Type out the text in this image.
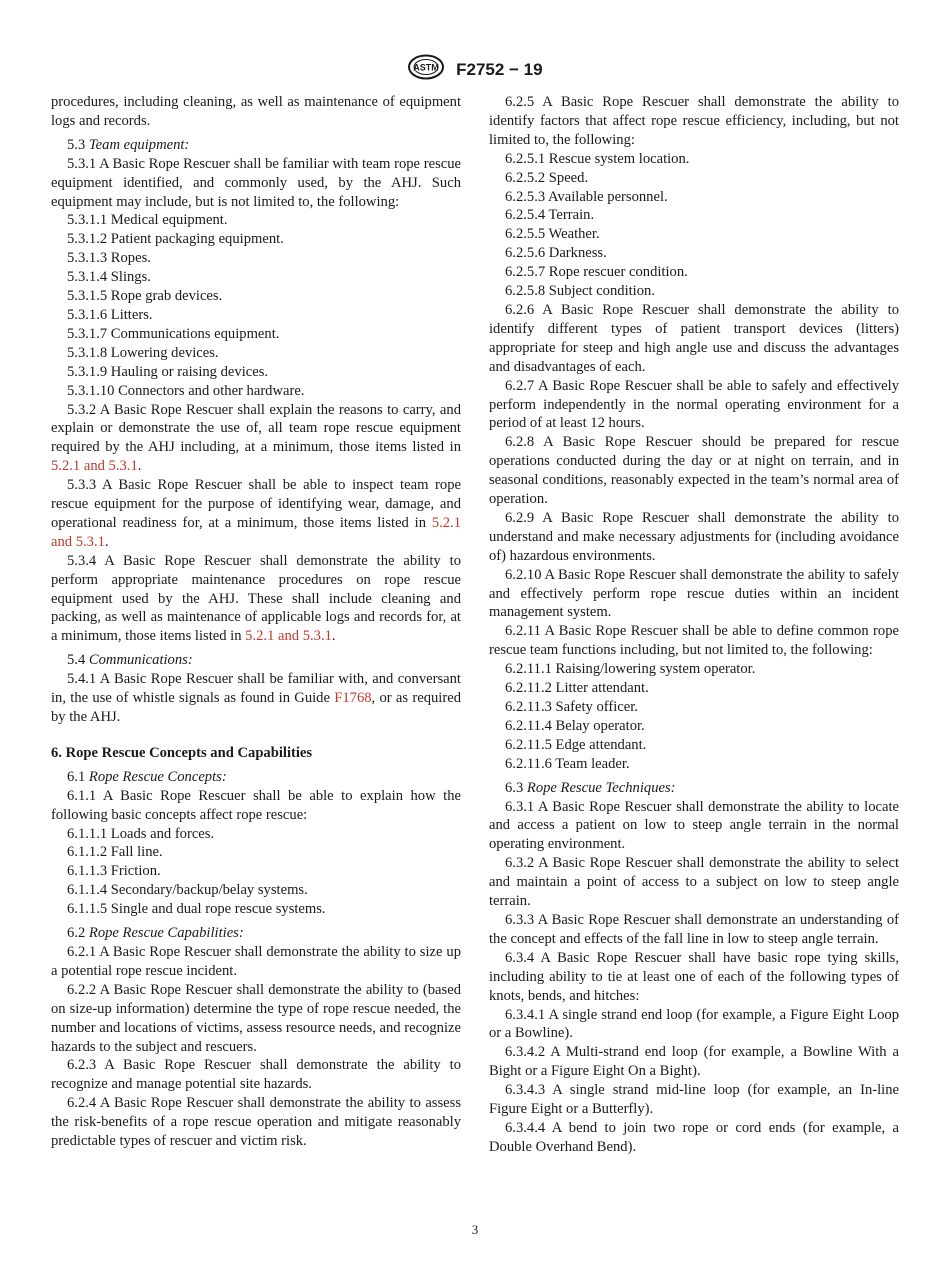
ASTM F2752 − 19

procedures, including cleaning, as well as maintenance of equipment logs and records.

5.3 Team equipment:

5.3.1 A Basic Rope Rescuer shall be familiar with team rope rescue equipment identified, and commonly used, by the AHJ. Such equipment may include, but is not limited to, the following:

5.3.1.1 Medical equipment.

5.3.1.2 Patient packaging equipment.

5.3.1.3 Ropes.

5.3.1.4 Slings.

5.3.1.5 Rope grab devices.

5.3.1.6 Litters.

5.3.1.7 Communications equipment.

5.3.1.8 Lowering devices.

5.3.1.9 Hauling or raising devices.

5.3.1.10 Connectors and other hardware.

5.3.2 A Basic Rope Rescuer shall explain the reasons to carry, and explain or demonstrate the use of, all team rope rescue equipment required by the AHJ including, at a minimum, those items listed in 5.2.1 and 5.3.1.

5.3.3 A Basic Rope Rescuer shall be able to inspect team rope rescue equipment for the purpose of identifying wear, damage, and operational readiness for, at a minimum, those items listed in 5.2.1 and 5.3.1.

5.3.4 A Basic Rope Rescuer shall demonstrate the ability to perform appropriate maintenance procedures on rope rescue equipment used by the AHJ. These shall include cleaning and packing, as well as maintenance of applicable logs and records for, at a minimum, those items listed in 5.2.1 and 5.3.1.

5.4 Communications:

5.4.1 A Basic Rope Rescuer shall be familiar with, and conversant in, the use of whistle signals as found in Guide F1768, or as required by the AHJ.

6. Rope Rescue Concepts and Capabilities

6.1 Rope Rescue Concepts:

6.1.1 A Basic Rope Rescuer shall be able to explain how the following basic concepts affect rope rescue:

6.1.1.1 Loads and forces.

6.1.1.2 Fall line.

6.1.1.3 Friction.

6.1.1.4 Secondary/backup/belay systems.

6.1.1.5 Single and dual rope rescue systems.

6.2 Rope Rescue Capabilities:

6.2.1 A Basic Rope Rescuer shall demonstrate the ability to size up a potential rope rescue incident.

6.2.2 A Basic Rope Rescuer shall demonstrate the ability to (based on size-up information) determine the type of rope rescue needed, the number and locations of victims, assess resource needs, and recognize hazards to the subject and rescuers.

6.2.3 A Basic Rope Rescuer shall demonstrate the ability to recognize and manage potential site hazards.

6.2.4 A Basic Rope Rescuer shall demonstrate the ability to assess the risk-benefits of a rope rescue operation and mitigate reasonably predictable types of rescuer and victim risk.

6.2.5 A Basic Rope Rescuer shall demonstrate the ability to identify factors that affect rope rescue efficiency, including, but not limited to, the following:

6.2.5.1 Rescue system location.

6.2.5.2 Speed.

6.2.5.3 Available personnel.

6.2.5.4 Terrain.

6.2.5.5 Weather.

6.2.5.6 Darkness.

6.2.5.7 Rope rescuer condition.

6.2.5.8 Subject condition.

6.2.6 A Basic Rope Rescuer shall demonstrate the ability to identify different types of patient transport devices (litters) appropriate for steep and high angle use and discuss the advantages and disadvantages of each.

6.2.7 A Basic Rope Rescuer shall be able to safely and effectively perform independently in the normal operating environment for a period of at least 12 hours.

6.2.8 A Basic Rope Rescuer should be prepared for rescue operations conducted during the day or at night on terrain, and in seasonal conditions, reasonably expected in the team’s normal area of operation.

6.2.9 A Basic Rope Rescuer shall demonstrate the ability to understand and make necessary adjustments for (including avoidance of) hazardous environments.

6.2.10 A Basic Rope Rescuer shall demonstrate the ability to safely and effectively perform rope rescue duties within an incident management system.

6.2.11 A Basic Rope Rescuer shall be able to define common rope rescue team functions including, but not limited to, the following:

6.2.11.1 Raising/lowering system operator.

6.2.11.2 Litter attendant.

6.2.11.3 Safety officer.

6.2.11.4 Belay operator.

6.2.11.5 Edge attendant.

6.2.11.6 Team leader.

6.3 Rope Rescue Techniques:

6.3.1 A Basic Rope Rescuer shall demonstrate the ability to locate and access a patient on low to steep angle terrain in the normal operating environment.

6.3.2 A Basic Rope Rescuer shall demonstrate the ability to select and maintain a point of access to a subject on low to steep angle terrain.

6.3.3 A Basic Rope Rescuer shall demonstrate an understanding of the concept and effects of the fall line in low to steep angle terrain.

6.3.4 A Basic Rope Rescuer shall have basic rope tying skills, including ability to tie at least one of each of the following types of knots, bends, and hitches:

6.3.4.1 A single strand end loop (for example, a Figure Eight Loop or a Bowline).

6.3.4.2 A Multi-strand end loop (for example, a Bowline With a Bight or a Figure Eight On a Bight).

6.3.4.3 A single strand mid-line loop (for example, an In-line Figure Eight or a Butterfly).

6.3.4.4 A bend to join two rope or cord ends (for example, a Double Overhand Bend).

3
